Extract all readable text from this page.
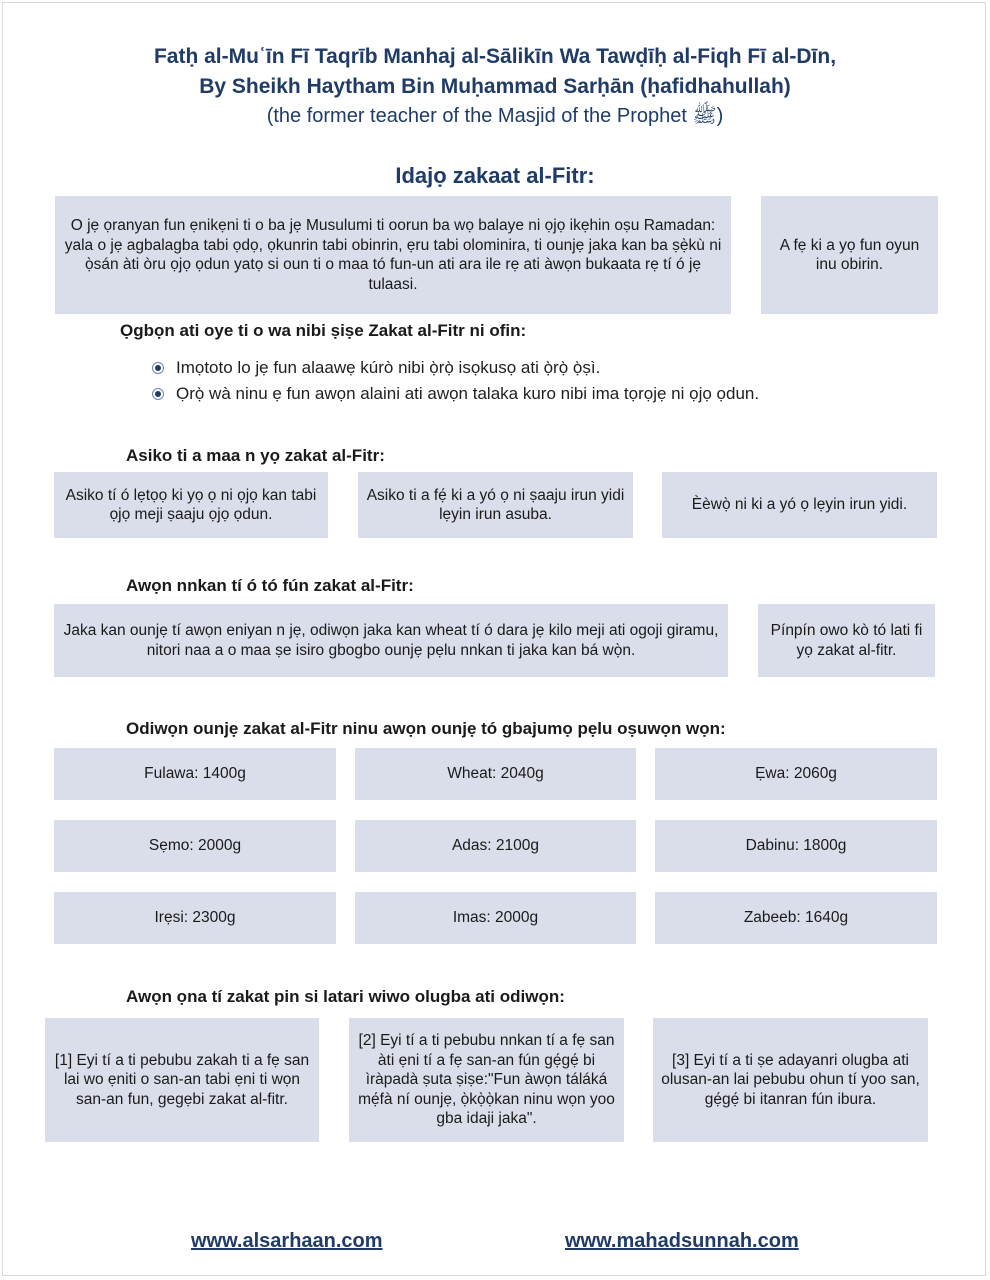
Fatḥ al-Muʿīn Fī Taqrīb Manhaj al-Sālikīn Wa Tawḍīḥ al-Fiqh Fī al-Dīn,
By Sheikh Haytham Bin Muḥammad Sarḥān (ḥafidhahullah)
(the former teacher of the Masjid of the Prophet ﷺ)
Idajọ zakaat al-Fitr:
O jẹ ọranyan fun ẹnikẹni ti o ba jẹ Musulumi ti oorun ba wọ balaye ni ọjọ ikẹhin oṣu Ramadan: yala o jẹ agbalagba tabi ọdọ, ọkunrin tabi obinrin, ẹru tabi olominira, ti ounjẹ jaka kan ba ṣẹ̀kù ni ọ̀sán àti òru ọjọ ọdun yatọ si oun ti o maa tó fun-un ati ara ile rẹ ati àwọn bukaata rẹ tí ó jẹ tulaasi.
A fẹ ki a yọ fun oyun inu obirin.
Ọgbọn ati oye ti o wa nibi ṣiṣe Zakat al-Fitr ni ofin:
Imọtoto lo jẹ fun alaawẹ kúrò nibi ọ̀rọ̀ isọkusọ ati ọ̀rọ̀ ọ̀ṣì.
Ọrọ̀ wà ninu ẹ fun awọn alaini ati awọn talaka kuro nibi ima tọrọjẹ ni ọjọ ọdun.
Asiko ti a maa n yọ zakat al-Fitr:
Asiko tí ó lẹtọọ ki yọ ọ ni ọjọ kan tabi ọjọ meji ṣaaju ọjọ ọdun.
Asiko ti a fẹ́ ki a yó ọ ni ṣaaju irun yidi lẹyin irun asuba.
Èèwọ̀ ni ki a yó ọ lẹyin irun yidi.
Awọn nnkan tí ó tó fún zakat al-Fitr:
Jaka kan ounjẹ tí awọn eniyan n jẹ, odiwọn jaka kan wheat tí ó dara jẹ kilo meji ati ogoji giramu, nitori naa a o maa ṣe isiro gbogbo ounjẹ pẹlu nnkan ti jaka kan bá wọ̀n.
Pínpín owo kò tó lati fi yọ zakat al-fitr.
Odiwọn ounjẹ zakat al-Fitr ninu awọn ounjẹ tó gbajumọ pẹlu oṣuwọn wọn:
Fulawa: 1400g	Wheat: 2040g	Ẹwa: 2060g
Sẹmo: 2000g	Adas: 2100g	Dabinu: 1800g
Irẹsi: 2300g	Imas: 2000g	Zabeeb: 1640g
Awọn ọna tí zakat pin si latari wiwo olugba ati odiwọn:
[1] Eyi tí a ti pebubu zakah ti a fẹ san lai wo ẹniti o san-an tabi ẹni ti wọn san-an fun, gegẹbi zakat al-fitr.
[2] Eyi tí a ti pebubu nnkan tí a fẹ san àti ẹni tí a fẹ san-an fún gẹ́gẹ́ bi ìràpadà ṣuta ṣiṣe:"Fun àwọn táláká mẹ́fà ní ounjẹ, ọ̀kọ̀ọ̀kan ninu wọn yoo gba idaji jaka".
[3] Eyi tí a ti ṣe adayanri olugba ati olusan-an lai pebubu ohun tí yoo san, gẹ́gẹ́ bi itanran fún ibura.
www.alsarhaan.com	www.mahadsunnah.com
